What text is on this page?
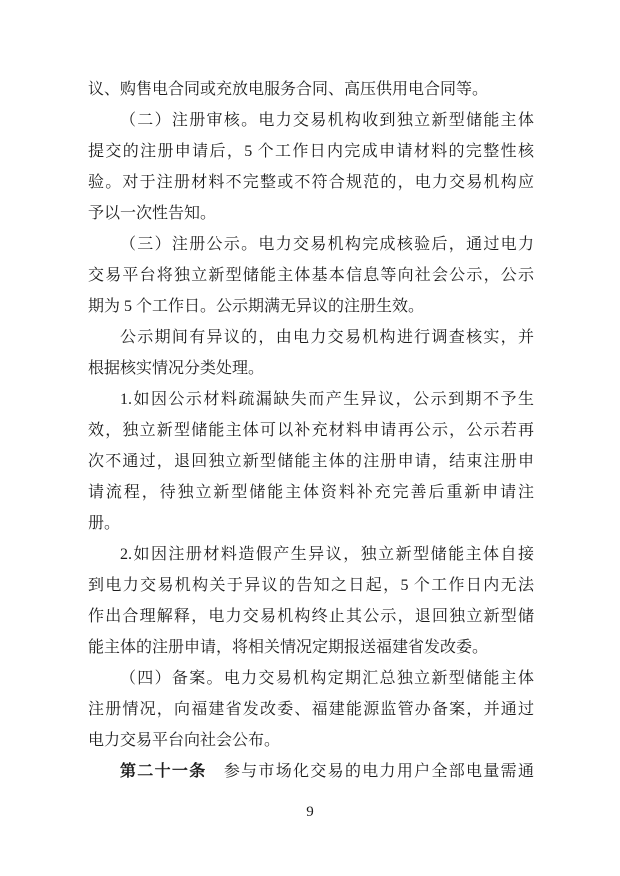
议、购售电合同或充放电服务合同、高压供用电合同等。
（二）注册审核。电力交易机构收到独立新型储能主体
提交的注册申请后，5 个工作日内完成申请材料的完整性核
验。对于注册材料不完整或不符合规范的，电力交易机构应
予以一次性告知。
（三）注册公示。电力交易机构完成核验后，通过电力
交易平台将独立新型储能主体基本信息等向社会公示，公示
期为 5 个工作日。公示期满无异议的注册生效。
公示期间有异议的，由电力交易机构进行调查核实，并
根据核实情况分类处理。
1.如因公示材料疏漏缺失而产生异议，公示到期不予生
效，独立新型储能主体可以补充材料申请再公示，公示若再
次不通过，退回独立新型储能主体的注册申请，结束注册申
请流程，待独立新型储能主体资料补充完善后重新申请注
册。
2.如因注册材料造假产生异议，独立新型储能主体自接
到电力交易机构关于异议的告知之日起，5 个工作日内无法
作出合理解释，电力交易机构终止其公示，退回独立新型储
能主体的注册申请，将相关情况定期报送福建省发改委。
（四）备案。电力交易机构定期汇总独立新型储能主体
注册情况，向福建省发改委、福建能源监管办备案，并通过
电力交易平台向社会公布。
第二十一条　参与市场化交易的电力用户全部电量需通
9
